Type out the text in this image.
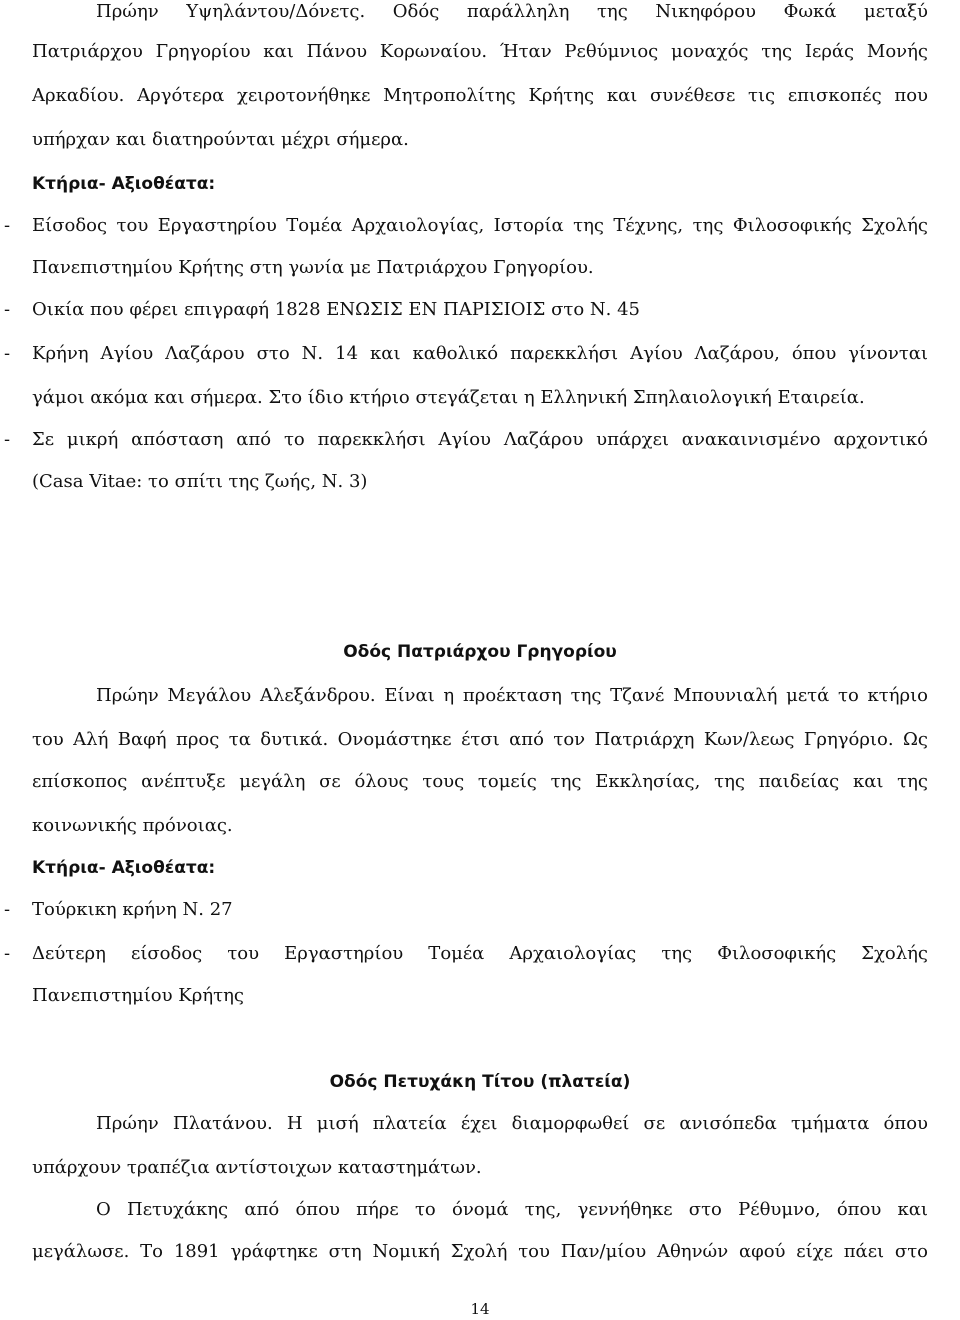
Πρώην Υψηλάντου/Δόνετς. Οδός παράλληλη της Νικηφόρου Φωκά μεταξύ
Πατριάρχου Γρηγορίου και Πάνου Κορωναίου. Ήταν Ρεθύμνιος μοναχός της Ιεράς Μονής
Αρκαδίου. Αργότερα χειροτονήθηκε Μητροπολίτης Κρήτης και συνέθεσε τις επισκοπές που
υπήρχαν και διατηρούνται μέχρι σήμερα.
Κτήρια- Αξιοθέατα:
- Είσοδος του Εργαστηρίου Τομέα Αρχαιολογίας, Ιστορία της Τέχνης, της Φιλοσοφικής Σχολής
Πανεπιστημίου Κρήτης στη γωνία με Πατριάρχου Γρηγορίου.
- Οικία που φέρει επιγραφή 1828 ΕΝΩΣΙΣ ΕΝ ΠΑΡΙΣΙΟΙΣ στο Ν. 45
- Κρήνη Αγίου Λαζάρου στο Ν. 14 και καθολικό παρεκκλήσι Αγίου Λαζάρου, όπου γίνονται
γάμοι ακόμα και σήμερα. Στο ίδιο κτήριο στεγάζεται η Ελληνική Σπηλαιολογική Εταιρεία.
- Σε μικρή απόσταση από το παρεκκλήσι Αγίου Λαζάρου υπάρχει ανακαινισμένο αρχοντικό
(Casa Vitae: το σπίτι της ζωής, Ν. 3)
Οδός Πατριάρχου Γρηγορίου
Πρώην Μεγάλου Αλεξάνδρου. Είναι η προέκταση της Τζανέ Μπουνιαλή μετά το κτήριο
του Αλή Βαφή προς τα δυτικά. Ονομάστηκε έτσι από τον Πατριάρχη Κων/λεως Γρηγόριο. Ως
επίσκοπος ανέπτυξε μεγάλη σε όλους τους τομείς της Εκκλησίας, της παιδείας και της
κοινωνικής πρόνοιας.
Κτήρια- Αξιοθέατα:
- Τούρκικη κρήνη Ν. 27
- Δεύτερη είσοδος του Εργαστηρίου Τομέα Αρχαιολογίας της Φιλοσοφικής Σχολής
Πανεπιστημίου Κρήτης
Οδός Πετυχάκη Τίτου (πλατεία)
Πρώην Πλατάνου. Η μισή πλατεία έχει διαμορφωθεί σε ανισόπεδα τμήματα όπου
υπάρχουν τραπέζια αντίστοιχων καταστημάτων.
Ο Πετυχάκης από όπου πήρε το όνομά της, γεννήθηκε στο Ρέθυμνο, όπου και
μεγάλωσε. Το 1891 γράφτηκε στη Νομική Σχολή του Παν/μίου Αθηνών αφού είχε πάει στο
14
